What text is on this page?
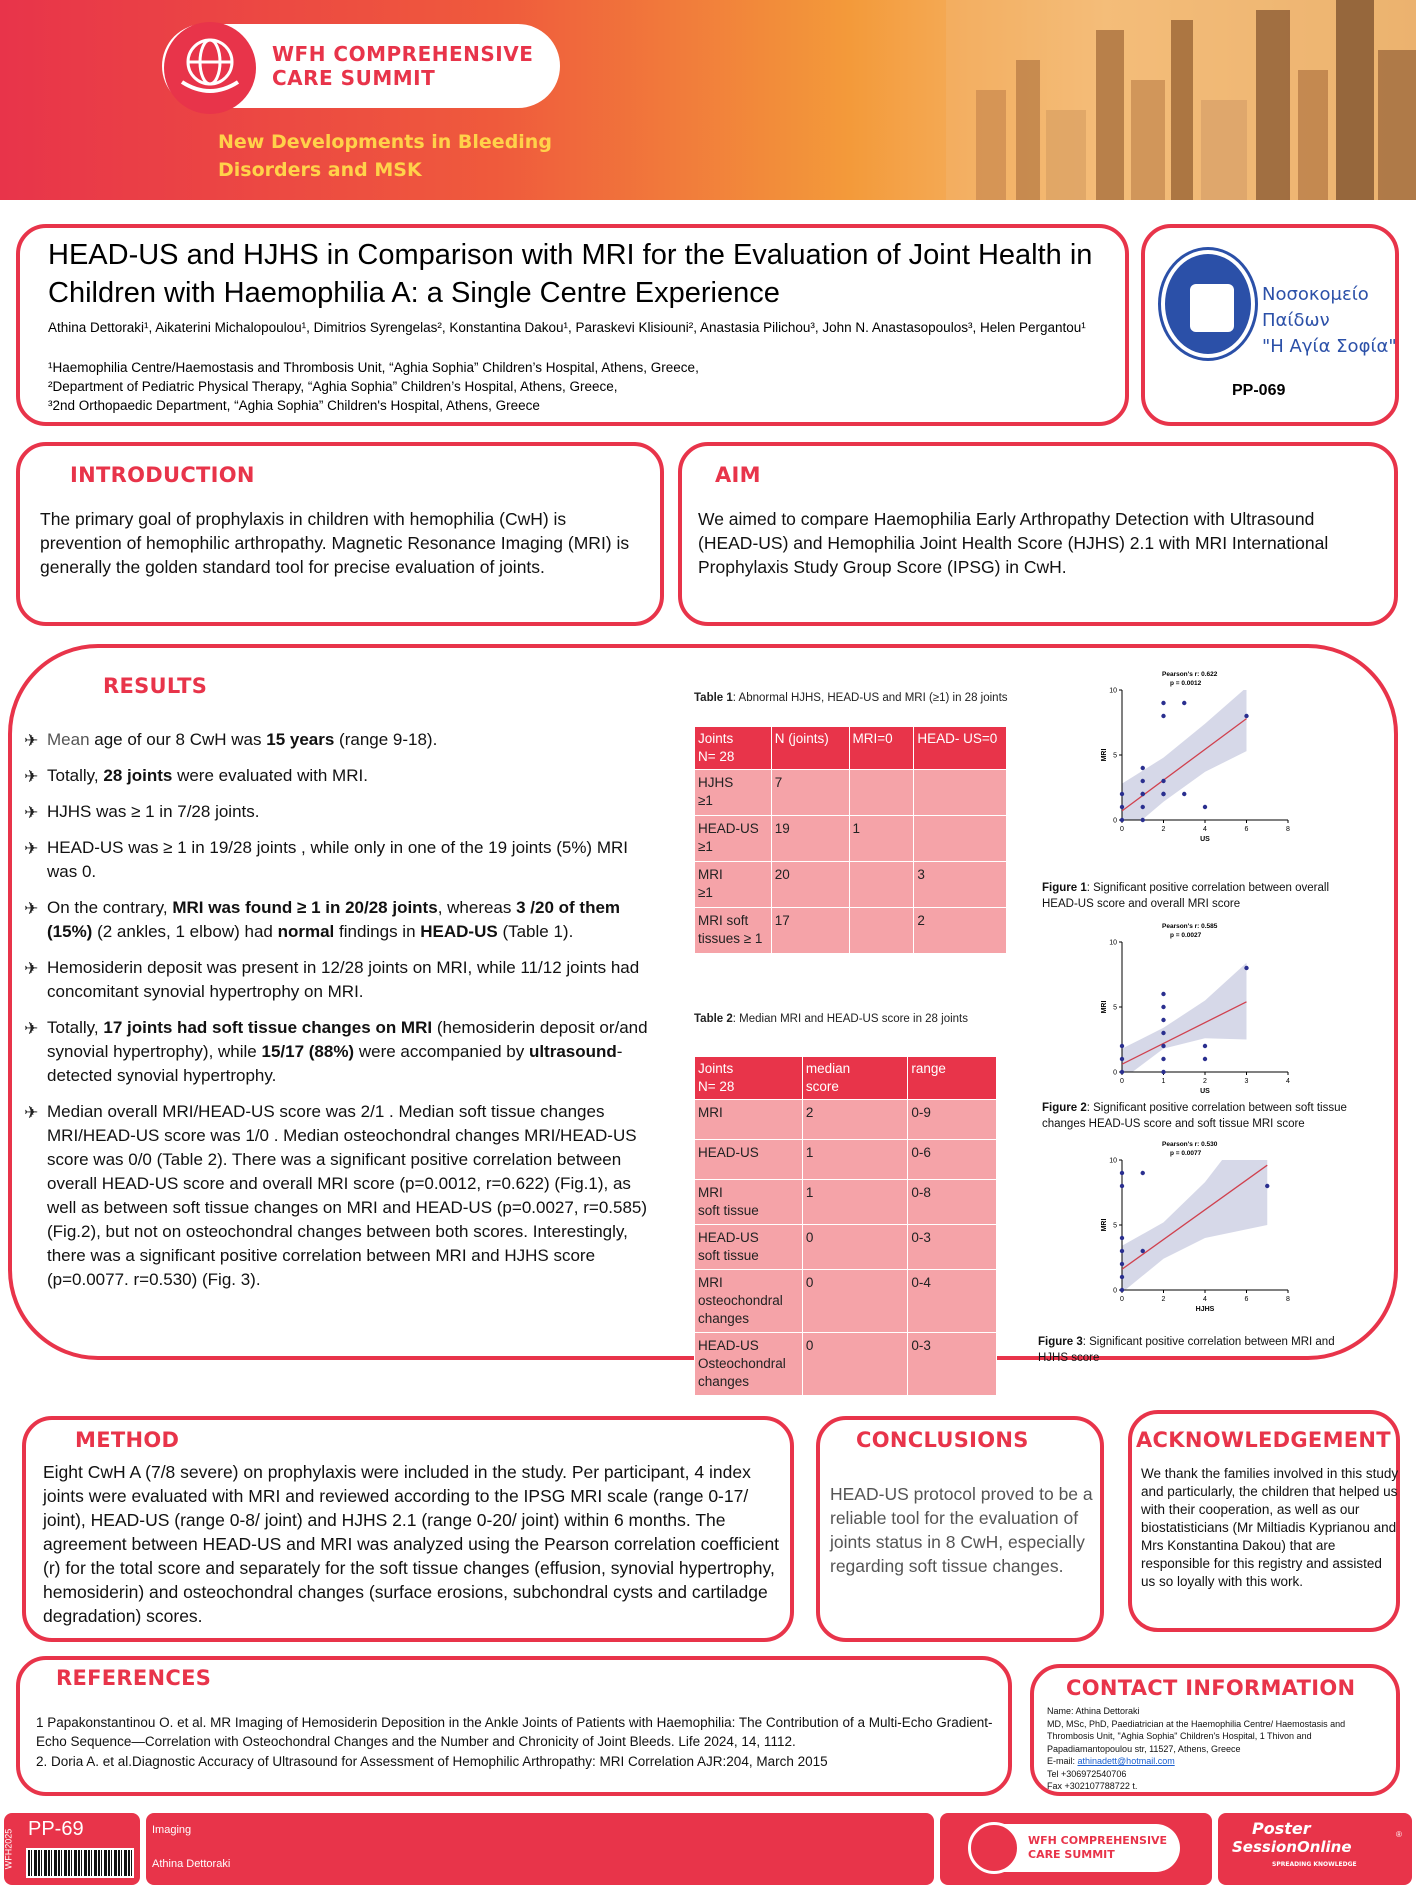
WFH COMPREHENSIVE
CARE SUMMIT
New Developments in Bleeding
Disorders and MSK
HEAD-US and HJHS in Comparison with MRI for the Evaluation of Joint Health in
Children with Haemophilia A: a Single Centre Experience
Athina Dettoraki¹, Aikaterini Michalopoulou¹, Dimitrios Syrengelas², Konstantina Dakou¹, Paraskevi Klisiouni², Anastasia Pilichou³, John N. Anastasopoulos³, Helen Pergantou¹
¹Haemophilia Centre/Haemostasis and Thrombosis Unit, “Aghia Sophia” Children’s Hospital, Athens, Greece,
²Department of Pediatric Physical Therapy, “Aghia Sophia” Children’s Hospital, Athens, Greece,
³2nd Orthopaedic Department, “Aghia Sophia” Children's Hospital, Athens, Greece
Νοσοκομείο Παίδων
"Η Αγία Σοφία"
PP-069
INTRODUCTION
The primary goal of prophylaxis in children with hemophilia (CwH) is prevention of hemophilic arthropathy. Magnetic Resonance Imaging (MRI) is generally the golden standard tool for precise evaluation of joints.
AIM
We aimed to compare Haemophilia Early Arthropathy Detection with Ultrasound (HEAD-US) and Hemophilia Joint Health Score (HJHS) 2.1 with MRI International Prophylaxis Study Group Score (IPSG) in CwH.
RESULTS
✈ Mean age of our 8 CwH was 15 years (range 9-18).
✈ Totally, 28 joints were evaluated with MRI.
✈ HJHS was ≥ 1 in 7/28 joints.
✈ HEAD-US was ≥ 1 in 19/28 joints , while only in one of the 19 joints (5%) MRI was 0.
✈ On the contrary, MRI was found ≥ 1 in 20/28 joints, whereas 3 /20 of them (15%) (2 ankles, 1 elbow) had normal findings in HEAD-US (Table 1).
✈ Hemosiderin deposit was present in 12/28 joints on MRI, while 11/12 joints had concomitant synovial hypertrophy on MRI.
✈ Totally, 17 joints had soft tissue changes on MRI (hemosiderin deposit or/and synovial hypertrophy), while 15/17 (88%) were accompanied by ultrasound-detected synovial hypertrophy.
✈ Median overall MRI/HEAD-US score was 2/1 . Median soft tissue changes MRI/HEAD-US score was 1/0 . Median osteochondral changes MRI/HEAD-US score was 0/0 (Table 2). There was a significant positive correlation between overall HEAD-US score and overall MRI score (p=0.0012, r=0.622) (Fig.1), as well as between soft tissue changes on MRI and HEAD-US (p=0.0027, r=0.585) (Fig.2), but not on osteochondral changes between both scores. Interestingly, there was a significant positive correlation between MRI and HJHS score (p=0.0077. r=0.530) (Fig. 3).
Table 1: Abnormal HJHS, HEAD-US and MRI (≥1) in 28 joints
Joints
N= 28	N (joints)	MRI=0	HEAD- US=0
HJHS
≥1	7		
HEAD-US
≥1	19	1	
MRI
≥1	20		3
MRI soft
tissues ≥ 1	17		2
Table 2: Median MRI and HEAD-US score in 28 joints
Joints
N= 28	median
score	range
MRI	2	0-9
HEAD-US	1	0-6
MRI
soft tissue	1	0-8
HEAD-US
soft tissue	0	0-3
MRI
osteochondral
changes	0	0-4
HEAD-US
Osteochondral
changes	0	0-3
0	2	4	6	8
0
5
10
US
MRI
Pearson's r: 0.622
p = 0.0012
Figure 1: Significant positive correlation between overall HEAD-US score and overall MRI score
0	1	2	3	4
0
5
10
US
MRI
Pearson's r: 0.585
p = 0.0027
Figure 2: Significant positive correlation between soft tissue changes HEAD-US score and soft tissue MRI score
0	2	4	6	8
0
5
10
HJHS
MRI
Pearson's r: 0.530
p = 0.0077
Figure 3: Significant positive correlation between MRI and HJHS score
METHOD
Eight CwH A (7/8 severe) on prophylaxis were included in the study. Per participant, 4 index joints were evaluated with MRI and reviewed according to the IPSG MRI scale (range 0-17/ joint), HEAD-US (range 0-8/ joint) and HJHS 2.1 (range 0-20/ joint) within 6 months. The agreement between HEAD-US and MRI was analyzed using the Pearson correlation coefficient (r) for the total score and separately for the soft tissue changes (effusion, synovial hypertrophy, hemosiderin) and osteochondral changes (surface erosions, subchondral cysts and cartiladge degradation) scores.
CONCLUSIONS
HEAD-US protocol proved to be a reliable tool for the evaluation of joints status in 8 CwH, especially regarding soft tissue changes.
ACKNOWLEDGEMENT
We thank the families involved in this study and particularly, the children that helped us with their cooperation, as well as our biostatisticians (Mr Miltiadis Kyprianou and Mrs Konstantina Dakou) that are responsible for this registry and assisted us so loyally with this work.
REFERENCES
1 Papakonstantinou O. et al. MR Imaging of Hemosiderin Deposition in the Ankle Joints of Patients with Haemophilia: The Contribution of a Multi-Echo Gradient-Echo Sequence—Correlation with Osteochondral Changes and the Number and Chronicity of Joint Bleeds. Life 2024, 14, 1112.
2. Doria A. et al.Diagnostic Accuracy of Ultrasound for Assessment of Hemophilic Arthropathy: MRI Correlation AJR:204, March 2015
CONTACT INFORMATION
Name: Athina Dettoraki
MD, MSc, PhD, Paediatrician at the Haemophilia Centre/ Haemostasis and Thrombosis Unit, "Aghia Sophia" Children's Hospital, 1 Thivon and Papadiamantopoulou str, 11527, Athens, Greece
E-mail: athinadett@hotmail.com
Tel +306972540706
Fax +302107788722 t.
WFH2025 PP-69	Imaging
Athina Dettoraki
WFH COMPREHENSIVE
CARE SUMMIT
Poster
SessionOnline
SPREADING KNOWLEDGE
®
